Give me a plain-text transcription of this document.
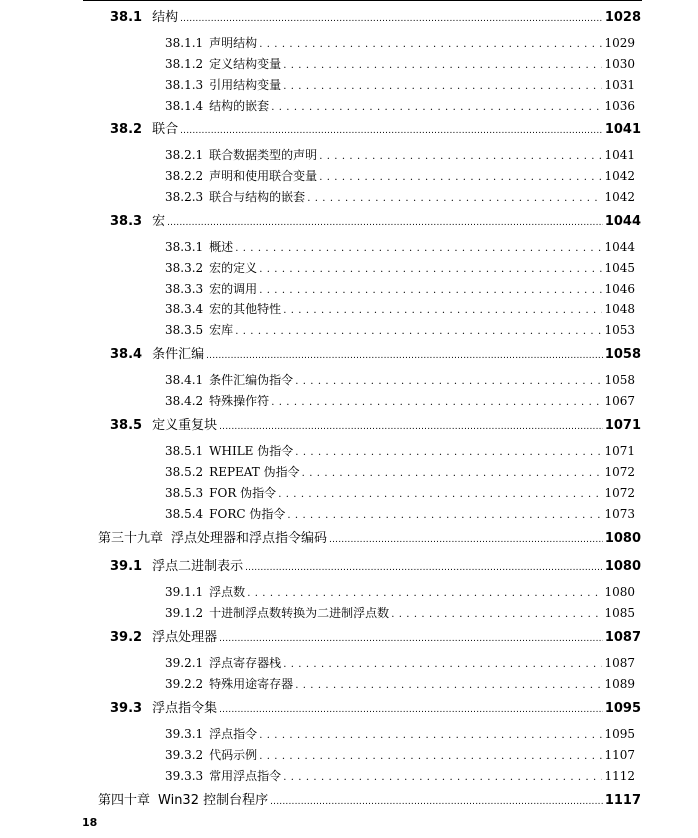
38.1 结构 .....	1028
38.1.1 声明结构 . . .	1029
38.1.2 定义结构变量 . . .	1030
38.1.3 引用结构变量 . . .	1031
38.1.4 结构的嵌套 . . .	1036
38.2 联合 .....	1041
38.2.1 联合数据类型的声明 . . .	1041
38.2.2 声明和使用联合变量 . . .	1042
38.2.3 联合与结构的嵌套 . . .	1042
38.3 宏 .....	1044
38.3.1 概述 . . .	1044
38.3.2 宏的定义 . . .	1045
38.3.3 宏的调用 . . .	1046
38.3.4 宏的其他特性 . . .	1048
38.3.5 宏库 . . .	1053
38.4 条件汇编 .....	1058
38.4.1 条件汇编伪指令 . . .	1058
38.4.2 特殊操作符 . . .	1067
38.5 定义重复块 .....	1071
38.5.1 WHILE 伪指令 . . .	1071
38.5.2 REPEAT 伪指令 . . .	1072
38.5.3 FOR 伪指令 . . .	1072
38.5.4 FORC 伪指令 . . .	1073
第三十九章 浮点处理器和浮点指令编码 .....	1080
39.1 浮点二进制表示 .....	1080
39.1.1 浮点数 . . .	1080
39.1.2 十进制浮点数转换为二进制浮点数 . . .	1085
39.2 浮点处理器 .....	1087
39.2.1 浮点寄存器栈 . . .	1087
39.2.2 特殊用途寄存器 . . .	1089
39.3 浮点指令集 .....	1095
39.3.1 浮点指令 . . .	1095
39.3.2 代码示例 . . .	1107
39.3.3 常用浮点指令 . . .	1112
第四十章 Win32 控制台程序 .....	1117
18
